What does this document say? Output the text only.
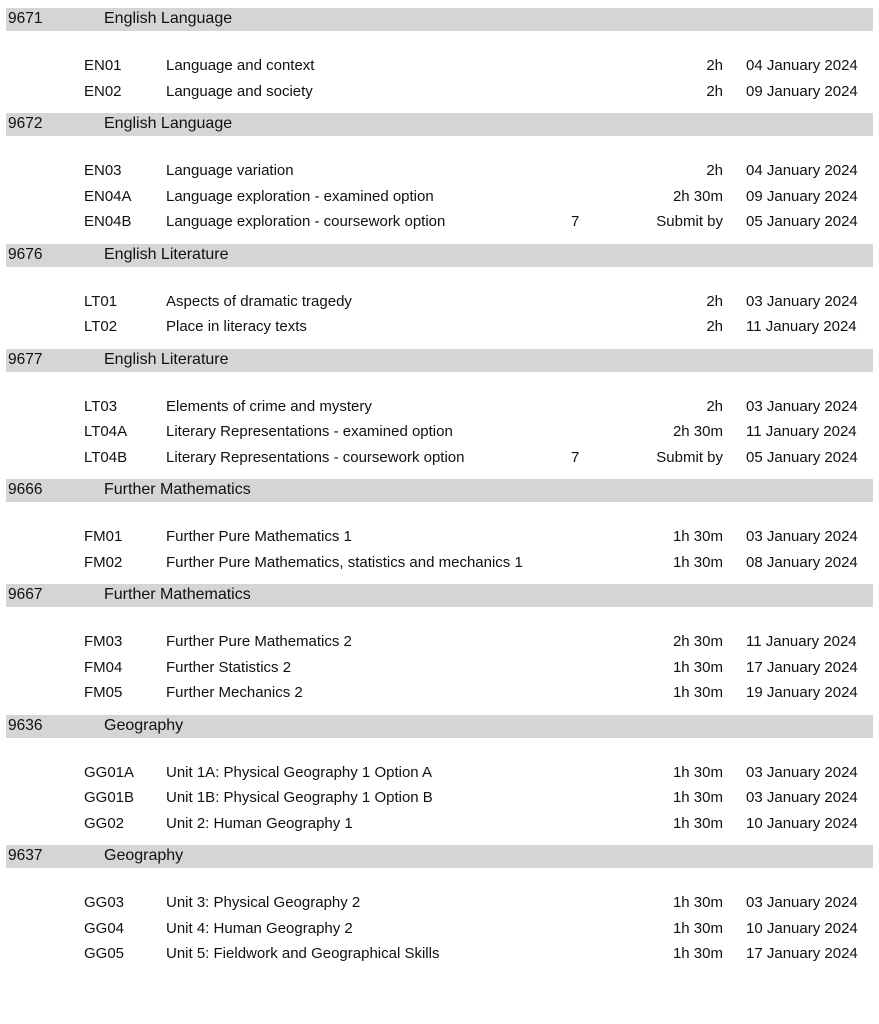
9671	English Language
EN01	Language and context	2h 04 January 2024
EN02	Language and society	2h 09 January 2024
9672	English Language
EN03	Language variation	2h 04 January 2024
EN04A Language exploration - examined option	2h 30m 09 January 2024
EN04B Language exploration - coursework option	7	Submit by 05 January 2024
9676	English Literature
LT01	Aspects of dramatic tragedy	2h 03 January 2024
LT02	Place in literacy texts	2h 11 January 2024
9677	English Literature
LT03	Elements of crime and mystery	2h 03 January 2024
LT04A	Literary Representations - examined option	2h 30m 11 January 2024
LT04B	Literary Representations - coursework option	7	Submit by 05 January 2024
9666	Further Mathematics
FM01	Further Pure Mathematics 1	1h 30m 03 January 2024
FM02	Further Pure Mathematics, statistics and mechanics 1	1h 30m 08 January 2024
9667	Further Mathematics
FM03	Further Pure Mathematics 2	2h 30m 11 January 2024
FM04	Further Statistics 2	1h 30m 17 January 2024
FM05	Further Mechanics 2	1h 30m 19 January 2024
9636	Geography
GG01A Unit 1A: Physical Geography 1 Option A	1h 30m 03 January 2024
GG01B Unit 1B: Physical Geography 1 Option B	1h 30m 03 January 2024
GG02	Unit 2: Human Geography 1	1h 30m 10 January 2024
9637	Geography
GG03	Unit 3: Physical Geography 2	1h 30m 03 January 2024
GG04	Unit 4: Human Geography 2	1h 30m 10 January 2024
GG05	Unit 5: Fieldwork and Geographical Skills	1h 30m 17 January 2024
